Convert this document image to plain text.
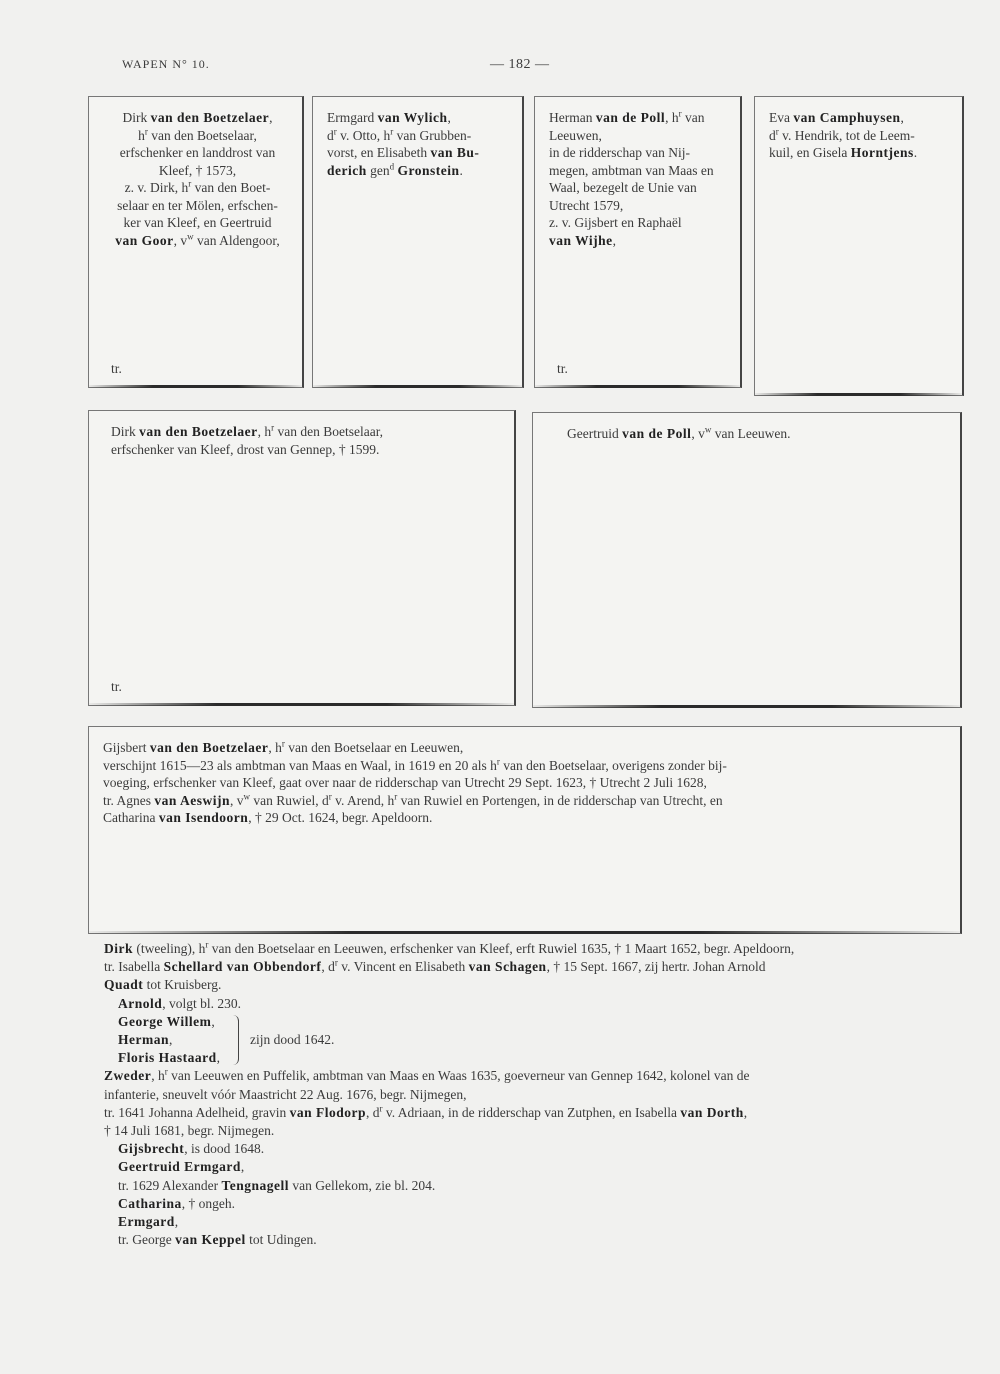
WAPEN N° 10.	— 182 —

Dirk van den Boetzelaer,

$h^r$ van den Boetselaar,

erfschenker en landdrost van

Kleef, † 1573,

z. v. Dirk, $h^r$ van den Boet-

selaar en ter Mölen, erfschen-

ker van Kleef, en Geertruid

van Goor, $v^w$ van Aldengoor,

tr.

Ermgard van Wylich,

$d^r$ v. Otto, $h^r$ van Grubben-

vorst, en Elisabeth van Bu-

derich gen$^d$ Gronstein.

Herman van de Poll, $h^r$ van

Leeuwen,

in de ridderschap van Nij-

megen, ambtman van Maas en

Waal, bezegelt de Unie van

Utrecht 1579,

z. v. Gijsbert en Raphaël

van Wijhe,

tr.

Eva van Camphuysen,

$d^r$ v. Hendrik, tot de Leem-

kuil, en Gisela Horntjens.

Dirk van den Boetzelaer, $h^r$ van den Boetselaar,

erfschenker van Kleef, drost van Gennep, † 1599.

tr.

Geertruid van de Poll, $v^w$ van Leeuwen.

Gijsbert van den Boetzelaer, $h^r$ van den Boetselaar en Leeuwen,

verschijnt 1615—23 als ambtman van Maas en Waal, in 1619 en 20 als $h^r$ van den Boetselaar, overigens zonder bij-

voeging, erfschenker van Kleef, gaat over naar de ridderschap van Utrecht 29 Sept. 1623, † Utrecht 2 Juli 1628,

tr. Agnes van Aeswijn, $v^w$ van Ruwiel, $d^r$ v. Arend, $h^r$ van Ruwiel en Portengen, in de ridderschap van Utrecht, en

Catharina van Isendoorn, † 29 Oct. 1624, begr. Apeldoorn.

Dirk (tweeling), $h^r$ van den Boetselaar en Leeuwen, erfschenker van Kleef, erft Ruwiel 1635, † 1 Maart 1652, begr. Apeldoorn,

tr. Isabella Schellard van Obbendorf, $d^r$ v. Vincent en Elisabeth van Schagen, † 15 Sept. 1667, zij hertr. Johan Arnold

Quadt tot Kruisberg.

Arnold, volgt bl. 230.

George Willem,

Herman,

Floris Hastaard,

zijn dood 1642.

Zweder, $h^r$ van Leeuwen en Puffelik, ambtman van Maas en Waas 1635, goeverneur van Gennep 1642, kolonel van de

infanterie, sneuvelt vóór Maastricht 22 Aug. 1676, begr. Nijmegen,

tr. 1641 Johanna Adelheid, gravin van Flodorp, $d^r$ v. Adriaan, in de ridderschap van Zutphen, en Isabella van Dorth,

† 14 Juli 1681, begr. Nijmegen.

Gijsbrecht, is dood 1648.

Geertruid Ermgard,

tr. 1629 Alexander Tengnagell van Gellekom, zie bl. 204.

Catharina, † ongeh.

Ermgard,

tr. George van Keppel tot Udingen.
